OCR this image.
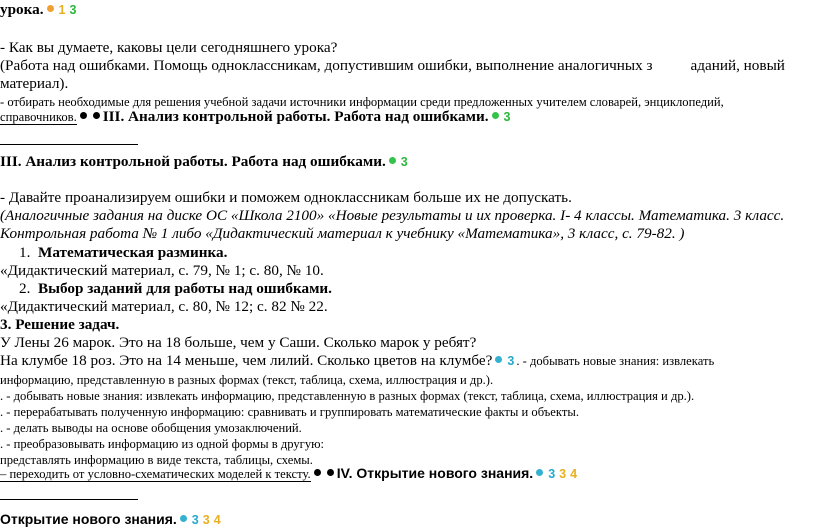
урока. 1 3
- Как вы думаете, каковы цели сегодняшнего урока?
(Работа над ошибками. Помощь одноклассникам, допустившим ошибки, выполнение аналогичных з	аданий, новый
материал).
- отбирать необходимые для решения учебной задачи источники информации среди предложенных учителем словарей, энциклопедий,
справочников. III. Анализ контрольной работы. Работа над ошибками. 3
III. Анализ контрольной работы. Работа над ошибками. 3
- Давайте проанализируем ошибки и поможем одноклассникам больше их не допускать.
(Аналогичные задания на диске ОС «Школа 2100» «Новые результаты и их проверка. I- 4 классы. Математика. 3 класс.
Контрольная работа № 1 либо «Дидактический материал к учебнику «Математика», 3 класс, с. 79-82. )
1. Математическая разминка.
«Дидактический материал, с. 79, № 1; с. 80, № 10.
2. Выбор заданий для работы над ошибками.
«Дидактический материал, с. 80, № 12; с. 82 № 22.
3. Решение задач.
У Лены 26 марок. Это на 18 больше, чем у Саши. Сколько марок у ребят?
На клумбе 18 роз. Это на 14 меньше, чем лилий. Сколько цветов на клумбе? 3 . - добывать новые знания: извлекать
информацию, представленную в разных формах (текст, таблица, схема, иллюстрация и др.).
. - добывать новые знания: извлекать информацию, представленную в разных формах (текст, таблица, схема, иллюстрация и др.).
. - перерабатывать полученную информацию: сравнивать и группировать математические факты и объекты.
. - делать выводы на основе обобщения умозаключений.
. - преобразовывать информацию из одной формы в другую:
представлять информацию в виде текста, таблицы, схемы.
– переходить от условно-схематических моделей к тексту. IV. Открытие нового знания. 3 3 4
Открытие нового знания. 3 3 4
